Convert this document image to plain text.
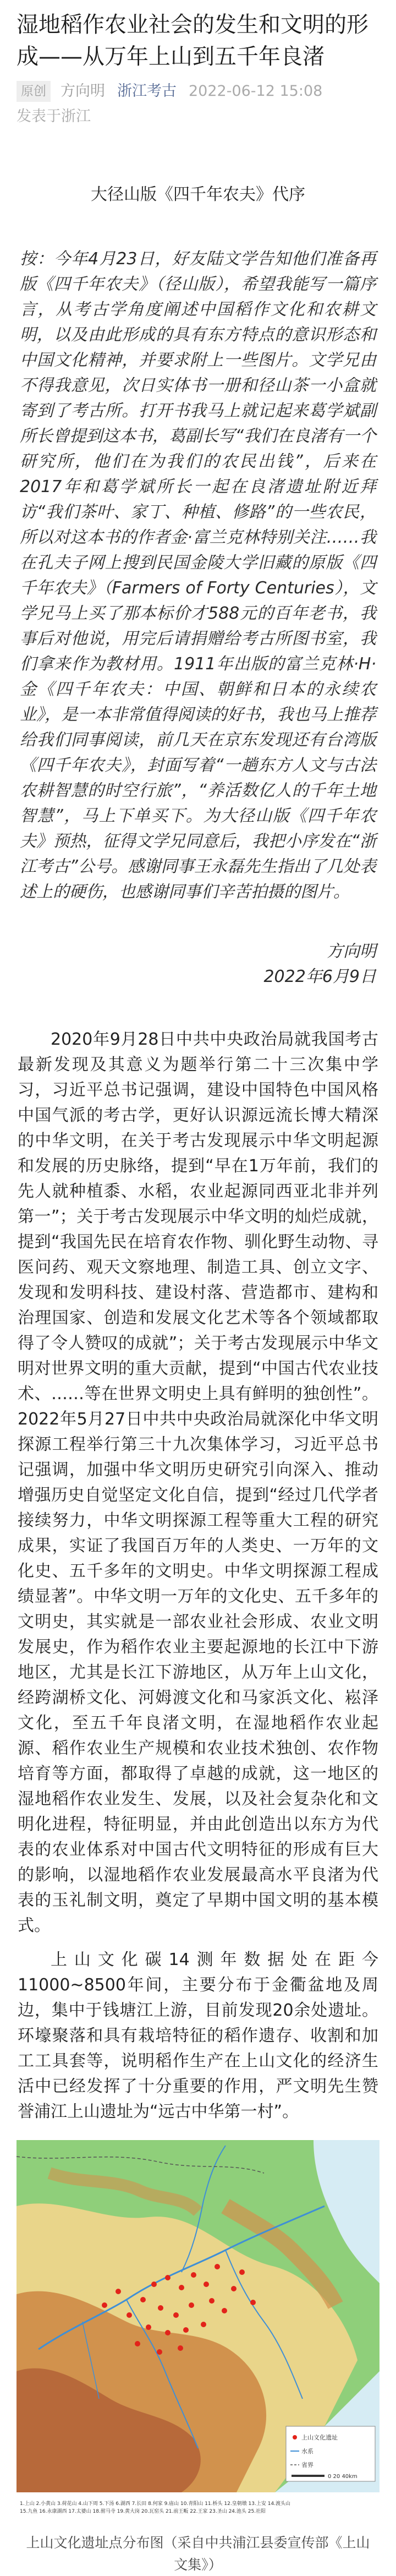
湿地稻作农业社会的发生和文明的形成——从万年上山到五千年良渚
原创 方向明 浙江考古 2022-06-12 15:08
发表于浙江
大径山版《四千年农夫》代序

按：今年4月23日，好友陆文学告知他们准备再版《四千年农夫》（径山版），希望我能写一篇序言，从考古学角度阐述中国稻作文化和农耕文明，以及由此形成的具有东方特点的意识形态和中国文化精神，并要求附上一些图片。文学兄由不得我意见，次日实体书一册和径山茶一小盒就寄到了考古所。打开书我马上就记起来葛学斌副所长曾提到这本书，葛副长写“我们在良渚有一个研究所，他们在为我们的农民出钱”，后来在2017年和葛学斌所长一起在良渚遗址附近拜访“我们茶叶、家丁、种植、修路”的一些农民，所以对这本书的作者金·富兰克林特别关注……我在孔夫子网上搜到民国金陵大学旧藏的原版《四千年农夫》（Farmers of Forty Centuries），文学兄马上买了那本标价才588元的百年老书，我事后对他说，用完后请捐赠给考古所图书室，我们拿来作为教材用。1911年出版的富兰克林·H·金《四千年农夫：中国、朝鲜和日本的永续农业》，是一本非常值得阅读的好书，我也马上推荐给我们同事阅读，前几天在京东发现还有台湾版《四千年农夫》，封面写着“一趟东方人文与古法农耕智慧的时空行旅”，“养活数亿人的千年土地智慧”，马上下单买下。为大径山版《四千年农夫》预热，征得文学兄同意后，我把小序发在“浙江考古”公号。感谢同事王永磊先生指出了几处表述上的硬伤，也感谢同事们辛苦拍摄的图片。

方向明
2022年6月9日

2020年9月28日中共中央政治局就我国考古最新发现及其意义为题举行第二十三次集中学习，习近平总书记强调，建设中国特色中国风格中国气派的考古学，更好认识源远流长博大精深的中华文明，在关于考古发现展示中华文明起源和发展的历史脉络，提到“早在1万年前，我们的先人就种植黍、水稻，农业起源同西亚北非并列第一”；关于考古发现展示中华文明的灿烂成就，提到“我国先民在培育农作物、驯化野生动物、寻医问药、观天文察地理、制造工具、创立文字、发现和发明科技、建设村落、营造都市、建构和治理国家、创造和发展文化艺术等各个领域都取得了令人赞叹的成就”；关于考古发现展示中华文明对世界文明的重大贡献，提到“中国古代农业技术、……等在世界文明史上具有鲜明的独创性”。2022年5月27日中共中央政治局就深化中华文明探源工程举行第三十九次集体学习，习近平总书记强调，加强中华文明历史研究引向深入、推动增强历史自觉坚定文化自信，提到“经过几代学者接续努力，中华文明探源工程等重大工程的研究成果，实证了我国百万年的人类史、一万年的文化史、五千多年的文明史。中华文明探源工程成绩显著”。中华文明一万年的文化史、五千多年的文明史，其实就是一部农业社会形成、农业文明发展史，作为稻作农业主要起源地的长江中下游地区，尤其是长江下游地区，从万年上山文化，经跨湖桥文化、河姆渡文化和马家浜文化、崧泽文化，至五千年良渚文明，在湿地稻作农业起源、稻作农业生产规模和农业技术独创、农作物培育等方面，都取得了卓越的成就，这一地区的湿地稻作农业发生、发展，以及社会复杂化和文明化进程，特征明显，并由此创造出以东方为代表的农业体系对中国古代文明特征的形成有巨大的影响，以湿地稻作农业发展最高水平良渚为代表的玉礼制文明，奠定了早期中国文明的基本模式。

上山文化碳14测年数据处在距今11000~8500年间，主要分布于金衢盆地及周边，集中于钱塘江上游，目前发现20余处遗址。环壕聚落和具有栽培特征的稻作遗存、收割和加工工具套等，说明稻作生产在上山文化的经济生活中已经发挥了十分重要的作用，严文明先生赞誉浦江上山遗址为“远古中华第一村”。

上山文化遗址
水系
省界
0 20 40km
1.上山 2.小黄山 3.荷花山 4.山下周 5.下汤 6.湖西 7.长田 8.何家 9.庙山 10.青阳山 11.桥头 12.皇朝墩 13.上安 14.渡头山
15.九鱼 16.永康湖西 17.太婆山 18.驸马寺 19.黄大岗 20.瓦窑头 21.前王畈 22.王家 23.圣山 24.池头 25.社阳
上山文化遗址点分布图（采自中共浦江县委宣传部《上山文集》）
